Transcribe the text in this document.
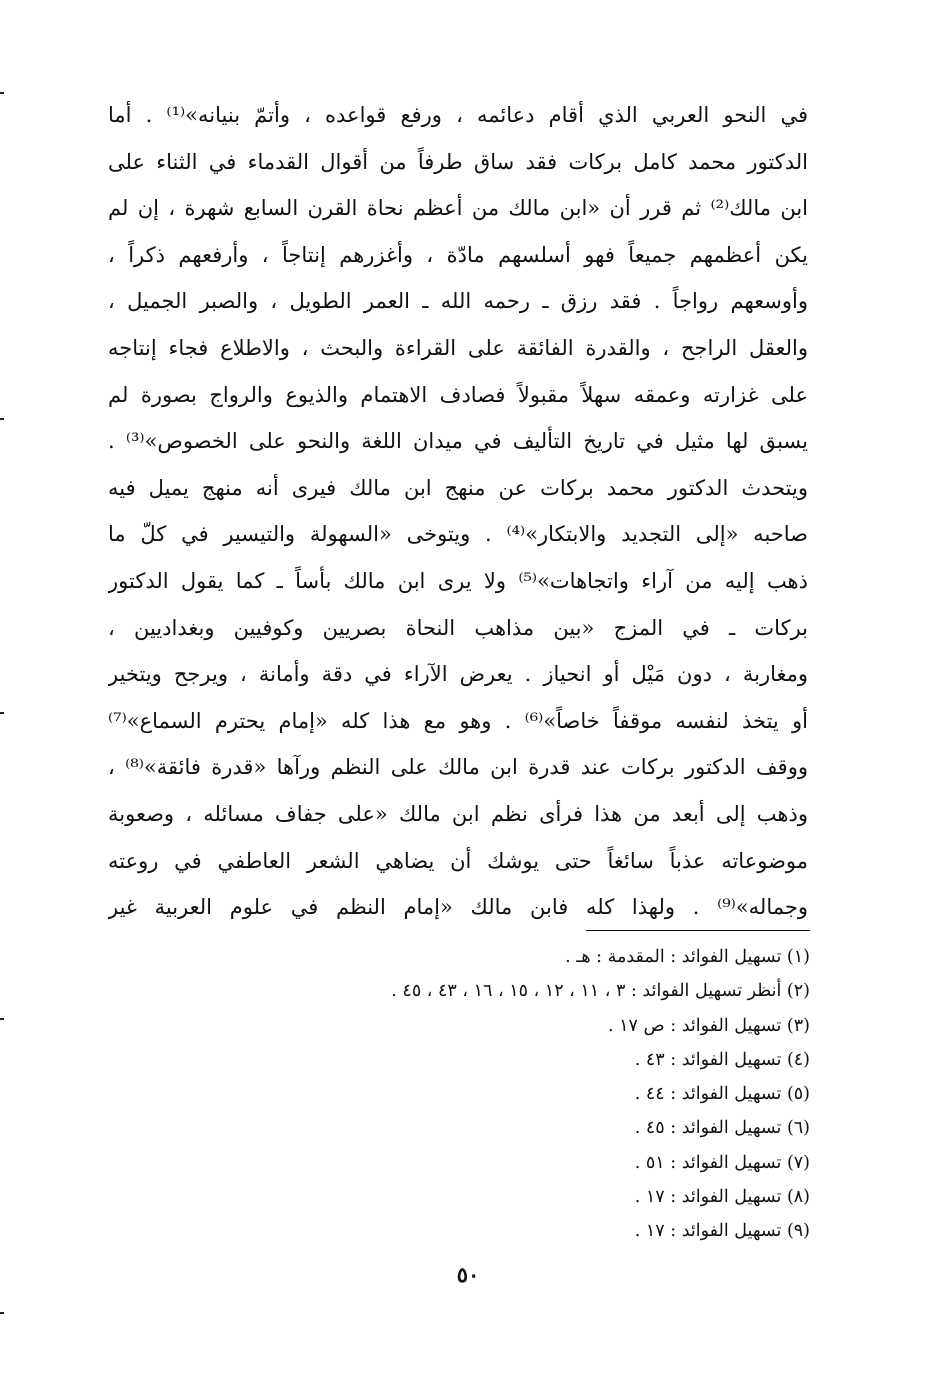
في النحو العربي الذي أقام دعائمه ، ورفع قواعده ، وأتمّ بنيانه»⁽¹⁾ . أما
الدكتور محمد كامل بركات فقد ساق طرفاً من أقوال القدماء في الثناء على
ابن مالك⁽²⁾ ثم قرر أن «ابن مالك من أعظم نحاة القرن السابع شهرة ، إن لم
يكن أعظمهم جميعاً فهو أسلسهم مادّة ، وأغزرهم إنتاجاً ، وأرفعهم ذكراً ،
وأوسعهم رواجاً . فقد رزق ـ رحمه الله ـ العمر الطويل ، والصبر الجميل ،
والعقل الراجح ، والقدرة الفائقة على القراءة والبحث ، والاطلاع فجاء إنتاجه
على غزارته وعمقه سهلاً مقبولاً فصادف الاهتمام والذيوع والرواج بصورة لم
يسبق لها مثيل في تاريخ التأليف في ميدان اللغة والنحو على الخصوص»⁽³⁾ .
ويتحدث الدكتور محمد بركات عن منهج ابن مالك فيرى أنه منهج يميل فيه
صاحبه «إلى التجديد والابتكار»⁽⁴⁾ . ويتوخى «السهولة والتيسير في كلّ ما
ذهب إليه من آراء واتجاهات»⁽⁵⁾ ولا يرى ابن مالك بأساً ـ كما يقول الدكتور
بركات ـ في المزج «بين مذاهب النحاة بصريين وكوفيين وبغداديين ،
ومغاربة ، دون مَيْل أو انحياز . يعرض الآراء في دقة وأمانة ، ويرجح ويتخير
أو يتخذ لنفسه موقفاً خاصاً»⁽⁶⁾ . وهو مع هذا كله «إمام يحترم السماع»⁽⁷⁾
ووقف الدكتور بركات عند قدرة ابن مالك على النظم ورآها «قدرة فائقة»⁽⁸⁾ ،
وذهب إلى أبعد من هذا فرأى نظم ابن مالك «على جفاف مسائله ، وصعوبة
موضوعاته عذباً سائغاً حتى يوشك أن يضاهي الشعر العاطفي في روعته
وجماله»⁽⁹⁾ . ولهذا كله فابن مالك «إمام النظم في علوم العربية غير
(١) تسهيل الفوائد : المقدمة : هـ .
(٢) أنظر تسهيل الفوائد : ٣ ، ١١ ، ١٢ ، ١٥ ، ١٦ ، ٤٣ ، ٤٥ .
(٣) تسهيل الفوائد : ص ١٧ .
(٤) تسهيل الفوائد : ٤٣ .
(٥) تسهيل الفوائد : ٤٤ .
(٦) تسهيل الفوائد : ٤٥ .
(٧) تسهيل الفوائد : ٥١ .
(٨) تسهيل الفوائد : ١٧ .
(٩) تسهيل الفوائد : ١٧ .
٥٠
